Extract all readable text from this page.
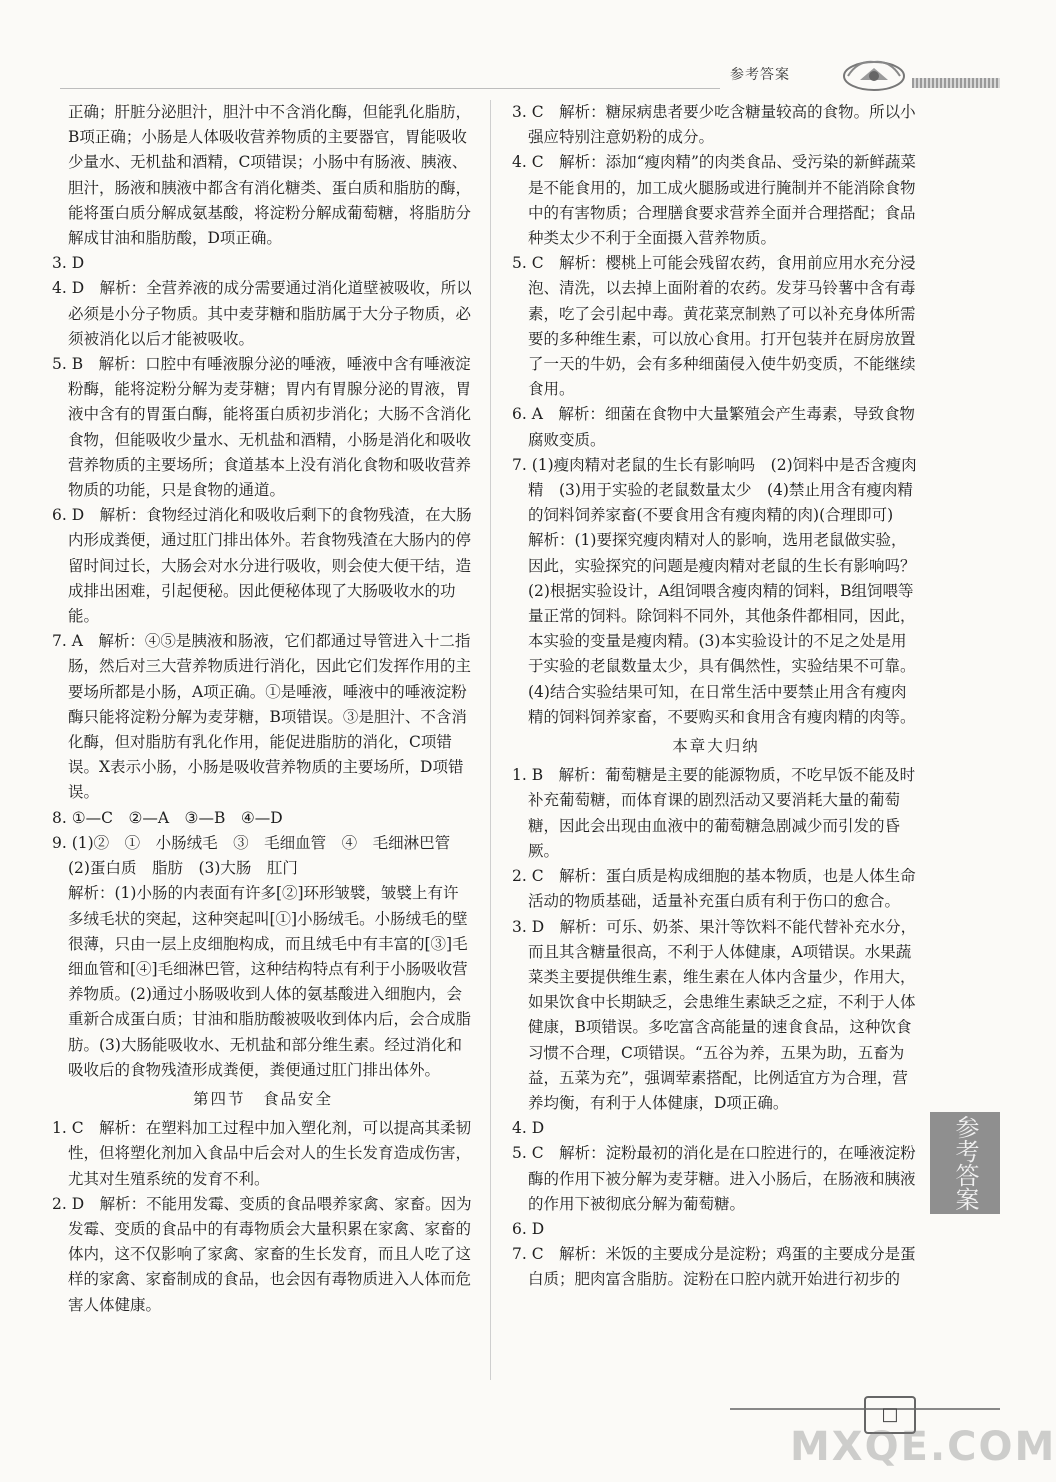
参考答案
正确；肝脏分泌胆汁，胆汁中不含消化酶，但能乳化脂肪，B项正确；小肠是人体吸收营养物质的主要器官，胃能吸收少量水、无机盐和酒精，C项错误；小肠中有肠液、胰液、胆汁，肠液和胰液中都含有消化糖类、蛋白质和脂肪的酶，能将蛋白质分解成氨基酸，将淀粉分解成葡萄糖，将脂肪分解成甘油和脂肪酸，D项正确。
3. D
4. D　解析：全营养液的成分需要通过消化道壁被吸收，所以必须是小分子物质。其中麦芽糖和脂肪属于大分子物质，必须被消化以后才能被吸收。
5. B　解析：口腔中有唾液腺分泌的唾液，唾液中含有唾液淀粉酶，能将淀粉分解为麦芽糖；胃内有胃腺分泌的胃液，胃液中含有的胃蛋白酶，能将蛋白质初步消化；大肠不含消化食物，但能吸收少量水、无机盐和酒精，小肠是消化和吸收营养物质的主要场所；食道基本上没有消化食物和吸收营养物质的功能，只是食物的通道。
6. D　解析：食物经过消化和吸收后剩下的食物残渣，在大肠内形成粪便，通过肛门排出体外。若食物残渣在大肠内的停留时间过长，大肠会对水分进行吸收，则会使大便干结，造成排出困难，引起便秘。因此便秘体现了大肠吸收水的功能。
7. A　解析：④⑤是胰液和肠液，它们都通过导管进入十二指肠，然后对三大营养物质进行消化，因此它们发挥作用的主要场所都是小肠，A项正确。①是唾液，唾液中的唾液淀粉酶只能将淀粉分解为麦芽糖，B项错误。③是胆汁、不含消化酶，但对脂肪有乳化作用，能促进脂肪的消化，C项错误。X表示小肠，小肠是吸收营养物质的主要场所，D项错误。
8. ①—C　②—A　③—B　④—D
9. (1)②　①　小肠绒毛　③　毛细血管　④　毛细淋巴管　(2)蛋白质　脂肪　(3)大肠　肛门
解析：(1)小肠的内表面有许多[②]环形皱襞，皱襞上有许多绒毛状的突起，这种突起叫[①]小肠绒毛。小肠绒毛的壁很薄，只由一层上皮细胞构成，而且绒毛中有丰富的[③]毛细血管和[④]毛细淋巴管，这种结构特点有利于小肠吸收营养物质。(2)通过小肠吸收到人体的氨基酸进入细胞内，会重新合成蛋白质；甘油和脂肪酸被吸收到体内后，会合成脂肪。(3)大肠能吸收水、无机盐和部分维生素。经过消化和吸收后的食物残渣形成粪便，粪便通过肛门排出体外。
第四节　食品安全
1. C　解析：在塑料加工过程中加入塑化剂，可以提高其柔韧性，但将塑化剂加入食品中后会对人的生长发育造成伤害，尤其对生殖系统的发育不利。
2. D　解析：不能用发霉、变质的食品喂养家禽、家畜。因为发霉、变质的食品中的有毒物质会大量积累在家禽、家畜的体内，这不仅影响了家禽、家畜的生长发育，而且人吃了这样的家禽、家畜制成的食品，也会因有毒物质进入人体而危害人体健康。
3. C　解析：糖尿病患者要少吃含糖量较高的食物。所以小强应特别注意奶粉的成分。
4. C　解析：添加“瘦肉精”的肉类食品、受污染的新鲜蔬菜是不能食用的，加工成火腿肠或进行腌制并不能消除食物中的有害物质；合理膳食要求营养全面并合理搭配；食品种类太少不利于全面摄入营养物质。
5. C　解析：樱桃上可能会残留农药，食用前应用水充分浸泡、清洗，以去掉上面附着的农药。发芽马铃薯中含有毒素，吃了会引起中毒。黄花菜烹制熟了可以补充身体所需要的多种维生素，可以放心食用。打开包装并在厨房放置了一天的牛奶，会有多种细菌侵入使牛奶变质，不能继续食用。
6. A　解析：细菌在食物中大量繁殖会产生毒素，导致食物腐败变质。
7. (1)瘦肉精对老鼠的生长有影响吗　(2)饲料中是否含瘦肉精　(3)用于实验的老鼠数量太少　(4)禁止用含有瘦肉精的饲料饲养家畜(不要食用含有瘦肉精的肉)(合理即可)
解析：(1)要探究瘦肉精对人的影响，选用老鼠做实验，因此，实验探究的问题是瘦肉精对老鼠的生长有影响吗？(2)根据实验设计，A组饲喂含瘦肉精的饲料，B组饲喂等量正常的饲料。除饲料不同外，其他条件都相同，因此，本实验的变量是瘦肉精。(3)本实验设计的不足之处是用于实验的老鼠数量太少，具有偶然性，实验结果不可靠。(4)结合实验结果可知，在日常生活中要禁止用含有瘦肉精的饲料饲养家畜，不要购买和食用含有瘦肉精的肉等。
本章大归纳
1. B　解析：葡萄糖是主要的能源物质，不吃早饭不能及时补充葡萄糖，而体育课的剧烈活动又要消耗大量的葡萄糖，因此会出现由血液中的葡萄糖急剧减少而引发的昏厥。
2. C　解析：蛋白质是构成细胞的基本物质，也是人体生命活动的物质基础，适量补充蛋白质有利于伤口的愈合。
3. D　解析：可乐、奶茶、果汁等饮料不能代替补充水分，而且其含糖量很高，不利于人体健康，A项错误。水果蔬菜类主要提供维生素，维生素在人体内含量少，作用大，如果饮食中长期缺乏，会患维生素缺乏之症，不利于人体健康，B项错误。多吃富含高能量的速食食品，这种饮食习惯不合理，C项错误。“五谷为养，五果为助，五畜为益，五菜为充”，强调荤素搭配，比例适宜方为合理，营养均衡，有利于人体健康，D项正确。
4. D
5. C　解析：淀粉最初的消化是在口腔进行的，在唾液淀粉酶的作用下被分解为麦芽糖。进入小肠后，在肠液和胰液的作用下被彻底分解为葡萄糖。
6. D
7. C　解析：米饭的主要成分是淀粉；鸡蛋的主要成分是蛋白质；肥肉富含脂肪。淀粉在口腔内就开始进行初步的
参考答案
□
MXQE.COM
